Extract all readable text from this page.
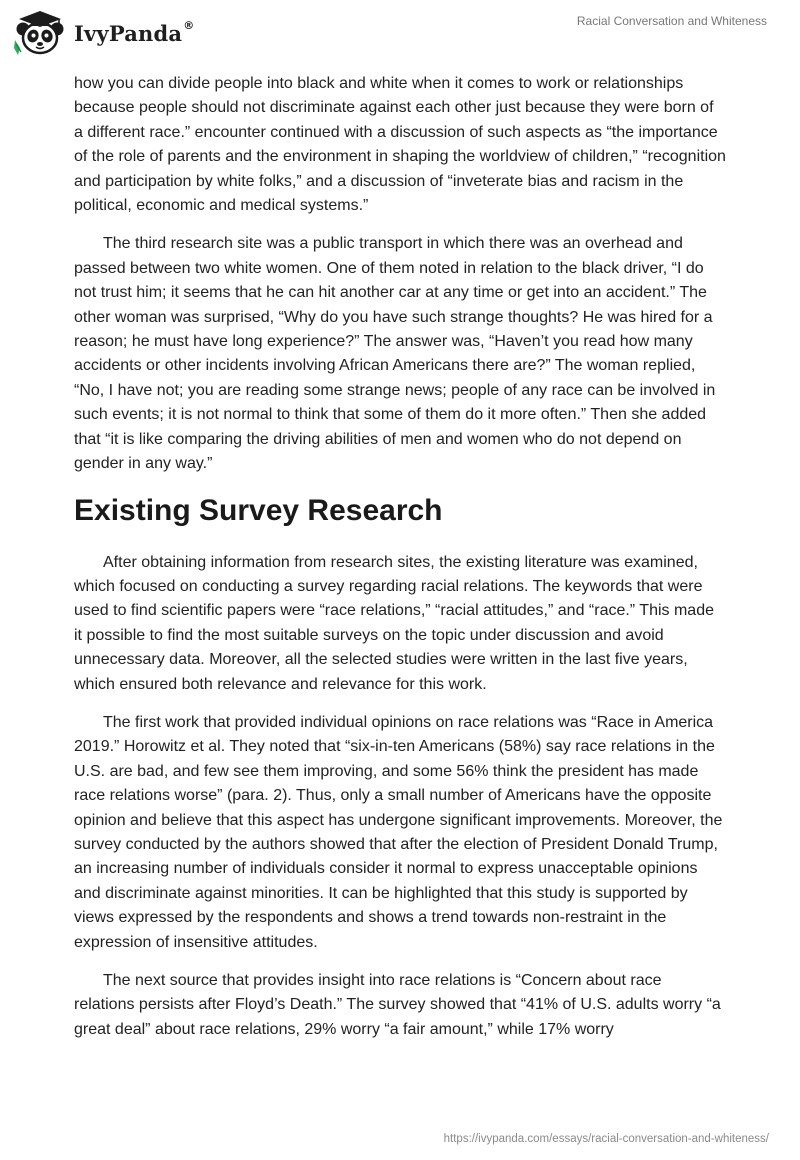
IvyPanda®	Racial Conversation and Whiteness

how you can divide people into black and white when it comes to work or relationships because people should not discriminate against each other just because they were born of a different race.” encounter continued with a discussion of such aspects as “the importance of the role of parents and the environment in shaping the worldview of children,” “recognition and participation by white folks,” and a discussion of “inveterate bias and racism in the political, economic and medical systems.”

The third research site was a public transport in which there was an overhead and passed between two white women. One of them noted in relation to the black driver, “I do not trust him; it seems that he can hit another car at any time or get into an accident.” The other woman was surprised, “Why do you have such strange thoughts? He was hired for a reason; he must have long experience?” The answer was, “Haven’t you read how many accidents or other incidents involving African Americans there are?” The woman replied, “No, I have not; you are reading some strange news; people of any race can be involved in such events; it is not normal to think that some of them do it more often.” Then she added that “it is like comparing the driving abilities of men and women who do not depend on gender in any way.”

Existing Survey Research

After obtaining information from research sites, the existing literature was examined, which focused on conducting a survey regarding racial relations. The keywords that were used to find scientific papers were “race relations,” “racial attitudes,” and “race.” This made it possible to find the most suitable surveys on the topic under discussion and avoid unnecessary data. Moreover, all the selected studies were written in the last five years, which ensured both relevance and relevance for this work.

The first work that provided individual opinions on race relations was “Race in America 2019.” Horowitz et al. They noted that “six-in-ten Americans (58%) say race relations in the U.S. are bad, and few see them improving, and some 56% think the president has made race relations worse” (para. 2). Thus, only a small number of Americans have the opposite opinion and believe that this aspect has undergone significant improvements. Moreover, the survey conducted by the authors showed that after the election of President Donald Trump, an increasing number of individuals consider it normal to express unacceptable opinions and discriminate against minorities. It can be highlighted that this study is supported by views expressed by the respondents and shows a trend towards non-restraint in the expression of insensitive attitudes.

The next source that provides insight into race relations is “Concern about race relations persists after Floyd’s Death.” The survey showed that “41% of U.S. adults worry “a great deal” about race relations, 29% worry “a fair amount,” while 17% worry

https://ivypanda.com/essays/racial-conversation-and-whiteness/
